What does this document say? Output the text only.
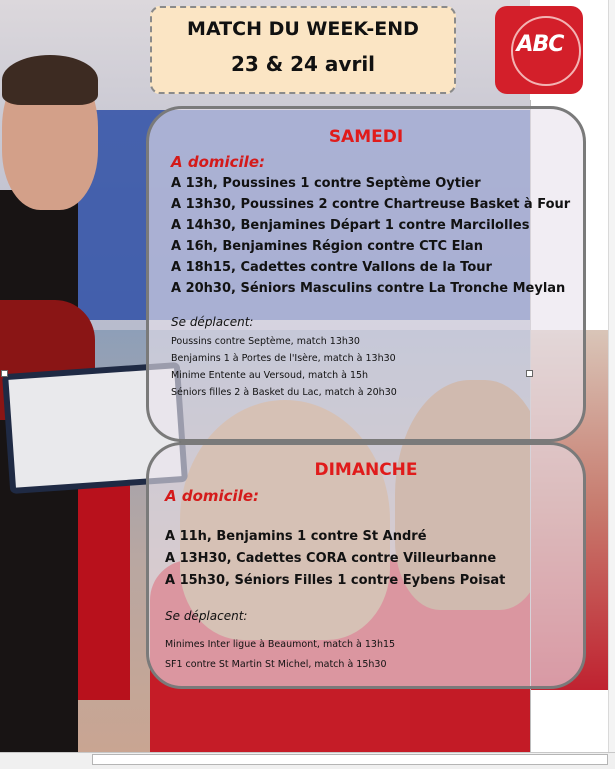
MATCH DU WEEK-END
23 & 24 avril
ABC
SAMEDI
A domicile:
A 13h, Poussines 1 contre Septème Oytier
A 13h30, Poussines 2 contre Chartreuse Basket à Four
A 14h30, Benjamines Départ 1 contre Marcilolles
A 16h, Benjamines Région contre CTC Elan
A 18h15, Cadettes contre Vallons de la Tour
A 20h30, Séniors Masculins contre La Tronche Meylan
Se déplacent:
Poussins contre Septème, match 13h30
Benjamins 1 à Portes de l'Isère, match à 13h30
Minime Entente au Versoud, match à 15h
Séniors filles 2 à Basket du Lac, match à 20h30
DIMANCHE
A domicile:
A 11h, Benjamins 1 contre St André
A 13H30, Cadettes CORA contre Villeurbanne
A 15h30, Séniors Filles 1 contre Eybens Poisat
Se déplacent:
Minimes Inter ligue à Beaumont, match à 13h15
SF1 contre St Martin St Michel, match à 15h30
